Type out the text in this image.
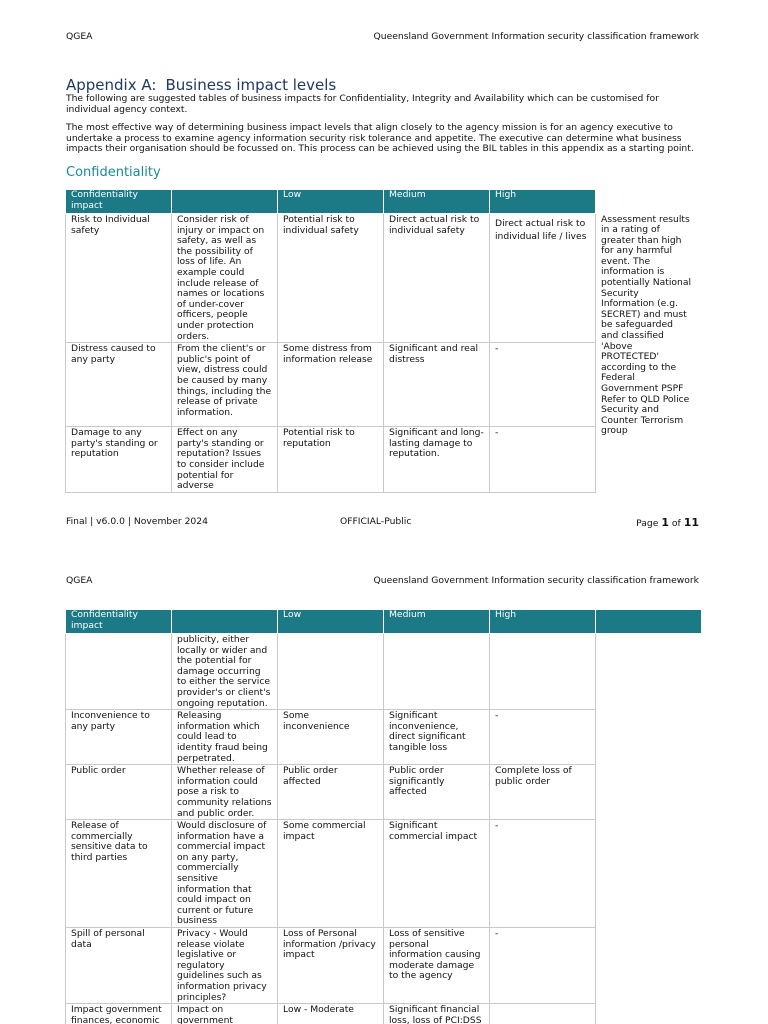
QGEA	Queensland Government Information security classification framework
Appendix A: Business impact levels

The following are suggested tables of business impacts for Confidentiality, Integrity and Availability which can be customised for individual agency context.

The most effective way of determining business impact levels that align closely to the agency mission is for an agency executive to undertake a process to examine agency information security risk tolerance and appetite. The executive can determine what business impacts their organisation should be focussed on. This process can be achieved using the BIL tables in this appendix as a starting point.

Confidentiality
Confidentiality impact		Low	Medium	High	
Risk to Individual safety	Consider risk of injury or impact on safety, as well as the possibility of loss of life. An example could include release of names or locations of under-cover officers, people under protection orders.	Potential risk to individual safety	Direct actual risk to individual safety	Direct actual risk to individual life / lives	Assessment results in a rating of greater than high for any harmful event. The information is potentially National Security Information (e.g. SECRET) and must be safeguarded and classified 'Above PROTECTED' according to the Federal Government PSPF
Refer to QLD Police Security and Counter Terrorism group

Distress caused to any party	From the client's or public's point of view, distress could be caused by many things, including the release of private information.	Some distress from information release	Significant and real distress	-	
Damage to any party's standing or reputation	Effect on any party's standing or reputation? Issues to consider include potential for adverse	Potential risk to reputation	Significant and long-lasting damage to reputation.	-	
Final | v6.0.0 | November 2024	OFFICIAL-Public	Page 1 of 11
QGEA	Queensland Government Information security classification framework
Confidentiality impact		Low	Medium	High	
	publicity, either locally or wider and the potential for damage occurring to either the service provider's or client's ongoing reputation.				
Inconvenience to any party	Releasing information which could lead to identity fraud being perpetrated.	Some inconvenience	Significant inconvenience, direct significant tangible loss	-	
Public order	Whether release of information could pose a risk to community relations and public order.	Public order affected	Public order significantly affected	Complete loss of public order	
Release of commercially sensitive data to third parties	Would disclosure of information have a commercial impact on any party, commercially sensitive information that could impact on current or future business	Some commercial impact	Significant commercial impact	-	
Spill of personal data	Privacy - Would release violate legislative or regulatory guidelines such as information privacy principles?	Loss of Personal information /privacy impact	Loss of sensitive personal information causing moderate damage to the agency	-	
Impact government finances, economic	Impact on government	Low - Moderate	Significant financial loss, loss of PCI:DSS		
